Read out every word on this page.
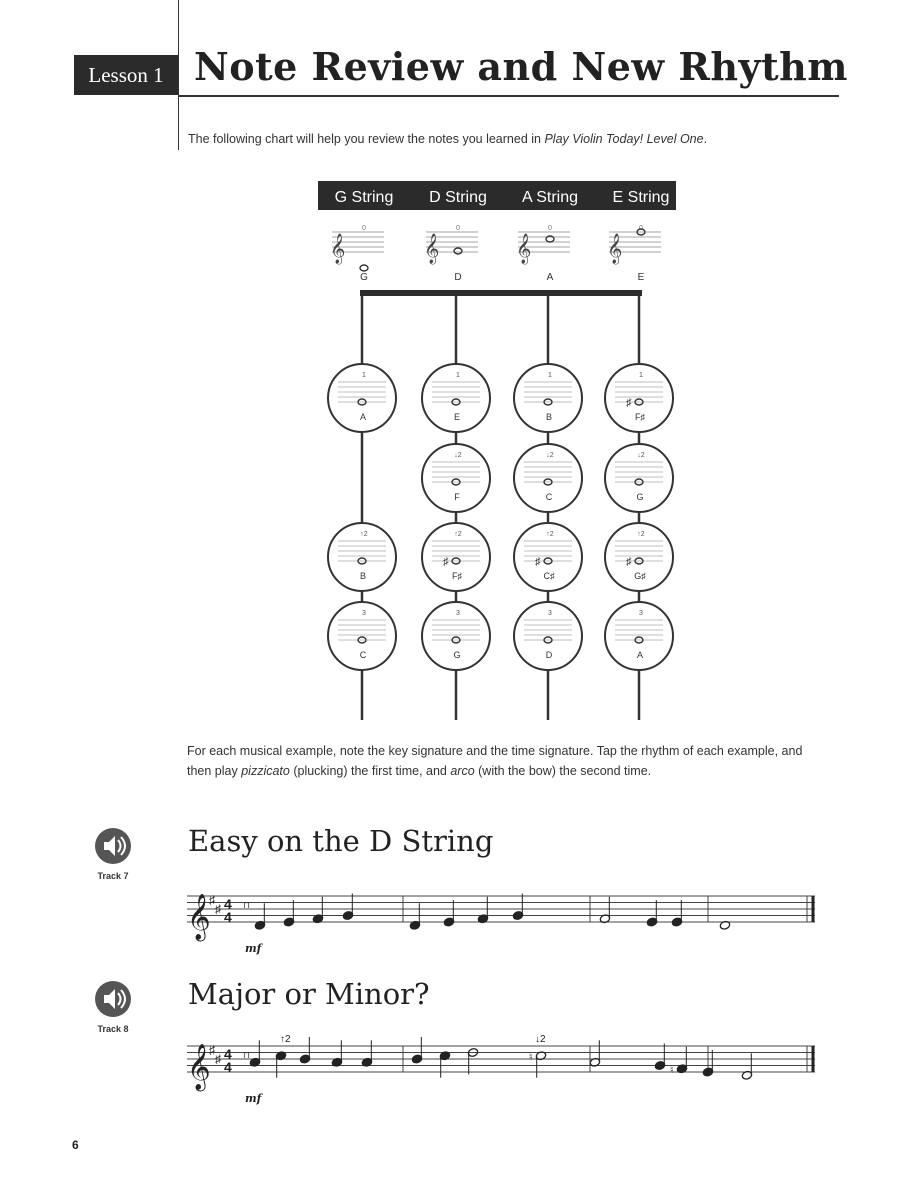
Lesson 1 Note Review and New Rhythm
The following chart will help you review the notes you learned in Play Violin Today! Level One.
G String
𝄞
0
G
D String
𝄞
0
D
A String
𝄞
0
A
E String
𝄞
0
E
1
A
↑2
B
3
C
1
E
↓2
F
↑2
♯
F♯
3
G
1
B
↓2
C
↑2
♯
C♯
3
D
1
♯
F♯
↓2
G
↑2
♯
G♯
3
A
For each musical example, note the key signature and the time signature. Tap the rhythm of each example, and then play pizzicato (plucking) the first time, and arco (with the bow) the second time.
Track 7
Easy on the D String
𝄞
♯
♯ 4
4
⊓
mf
Track 8
Major or Minor?
𝄞
♯
♯ 4
4
⊓
mf
♮
♮
↑2	↓2
6
